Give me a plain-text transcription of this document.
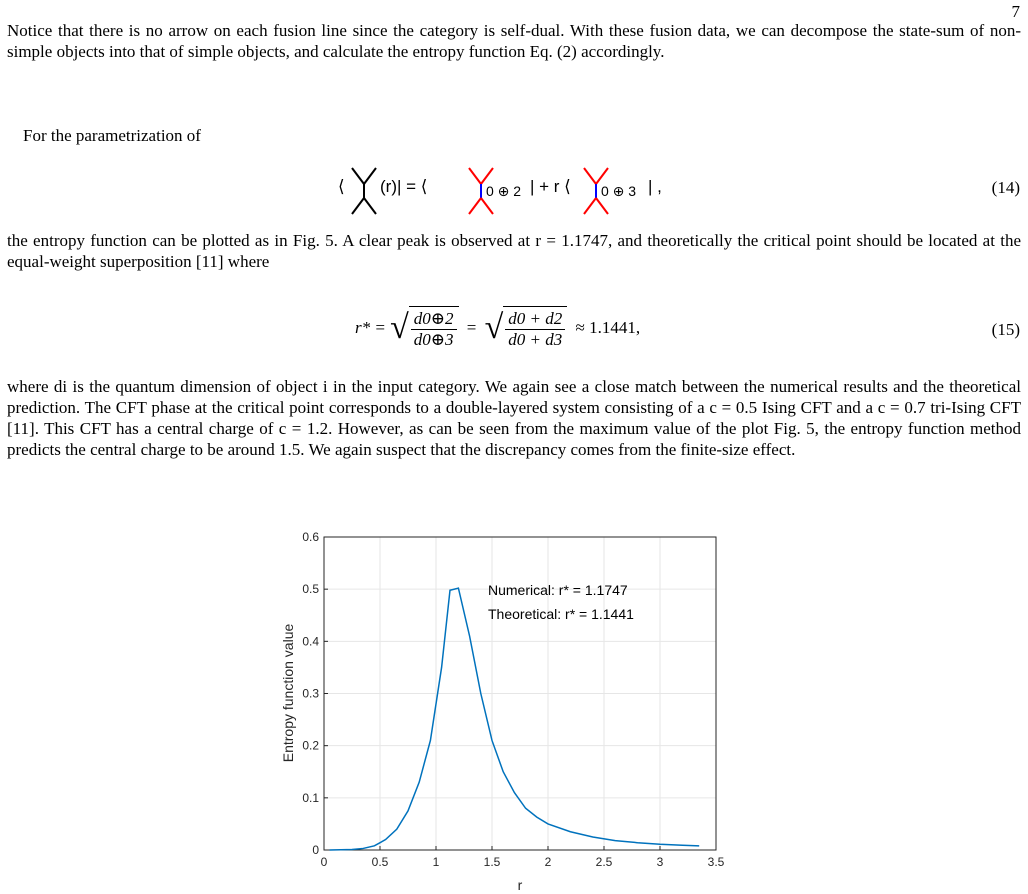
7

Notice that there is no arrow on each fusion line since the category is self-dual. With these fusion data, we can decompose the state-sum of non-simple objects into that of simple objects, and calculate the entropy function Eq. (2) accordingly.

For the parametrization of

⟨ (r)| = ⟨	0 ⊕ 2 | + r ⟨ 0 ⊕ 3 | ,	(14)

the entropy function can be plotted as in Fig. 5. A clear peak is observed at r = 1.1747, and theoretically the critical point should be located at the equal-weight superposition [11] where

r* = √ $\frac{d0\oplus 2}{d0\oplus 3}$ = √ $\frac{d0 + d2}{d0 + d3} \approx 1.1441$,	(15)

where di is the quantum dimension of object i in the input category. We again see a close match between the numerical results and the theoretical prediction. The CFT phase at the critical point corresponds to a double-layered system consisting of a c = 0.5 Ising CFT and a c = 0.7 tri-Ising CFT [11]. This CFT has a central charge of c = 1.2. However, as can be seen from the maximum value of the plot Fig. 5, the entropy function method predicts the central charge to be around 1.5. We again suspect that the discrepancy comes from the finite-size effect.

0	0.5	1	1.5	2	2.5	3	3.5
0
0.1
0.2
0.3
0.4
0.5
0.6
Numerical: r* = 1.1747
Theoretical: r* = 1.1441
r
Entropy function value
